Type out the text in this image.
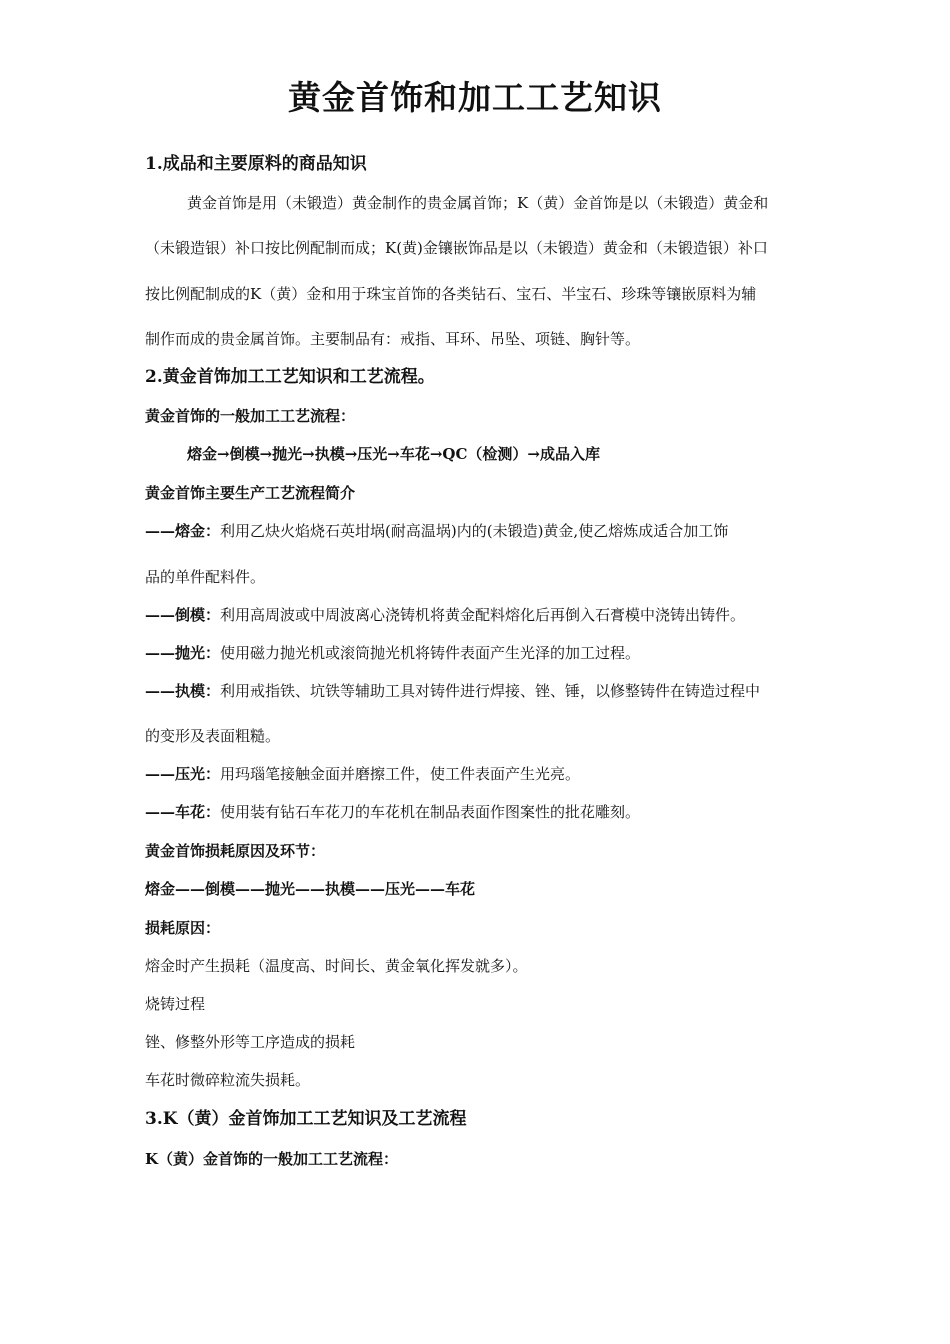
黄金首饰和加工工艺知识
1.成品和主要原料的商品知识
黄金首饰是用（未锻造）黄金制作的贵金属首饰；K（黄）金首饰是以（未锻造）黄金和
（未锻造银）补口按比例配制而成；K(黄)金镶嵌饰品是以（未锻造）黄金和（未锻造银）补口
按比例配制成的K（黄）金和用于珠宝首饰的各类钻石、宝石、半宝石、珍珠等镶嵌原料为辅
制作而成的贵金属首饰。主要制品有：戒指、耳环、吊坠、项链、胸针等。
2.黄金首饰加工工艺知识和工艺流程。
黄金首饰的一般加工工艺流程：
熔金→倒模→抛光→执模→压光→车花→QC（检测）→成品入库
黄金首饰主要生产工艺流程简介
——熔金：利用乙炔火焰烧石英坩埚(耐高温埚)内的(未锻造)黄金,使乙熔炼成适合加工饰
品的单件配料件。
——倒模：利用高周波或中周波离心浇铸机将黄金配料熔化后再倒入石膏模中浇铸出铸件。
——抛光：使用磁力抛光机或滚筒抛光机将铸件表面产生光泽的加工过程。
——执模：利用戒指铁、坑铁等辅助工具对铸件进行焊接、锉、锤，以修整铸件在铸造过程中
的变形及表面粗糙。
——压光：用玛瑙笔接触金面并磨擦工件，使工件表面产生光亮。
——车花：使用装有钻石车花刀的车花机在制品表面作图案性的批花雕刻。
黄金首饰损耗原因及环节：
熔金——倒模——抛光——执模——压光——车花
损耗原因：
熔金时产生损耗（温度高、时间长、黄金氧化挥发就多）。
烧铸过程
锉、修整外形等工序造成的损耗
车花时微碎粒流失损耗。
3.K（黄）金首饰加工工艺知识及工艺流程
K（黄）金首饰的一般加工工艺流程：
